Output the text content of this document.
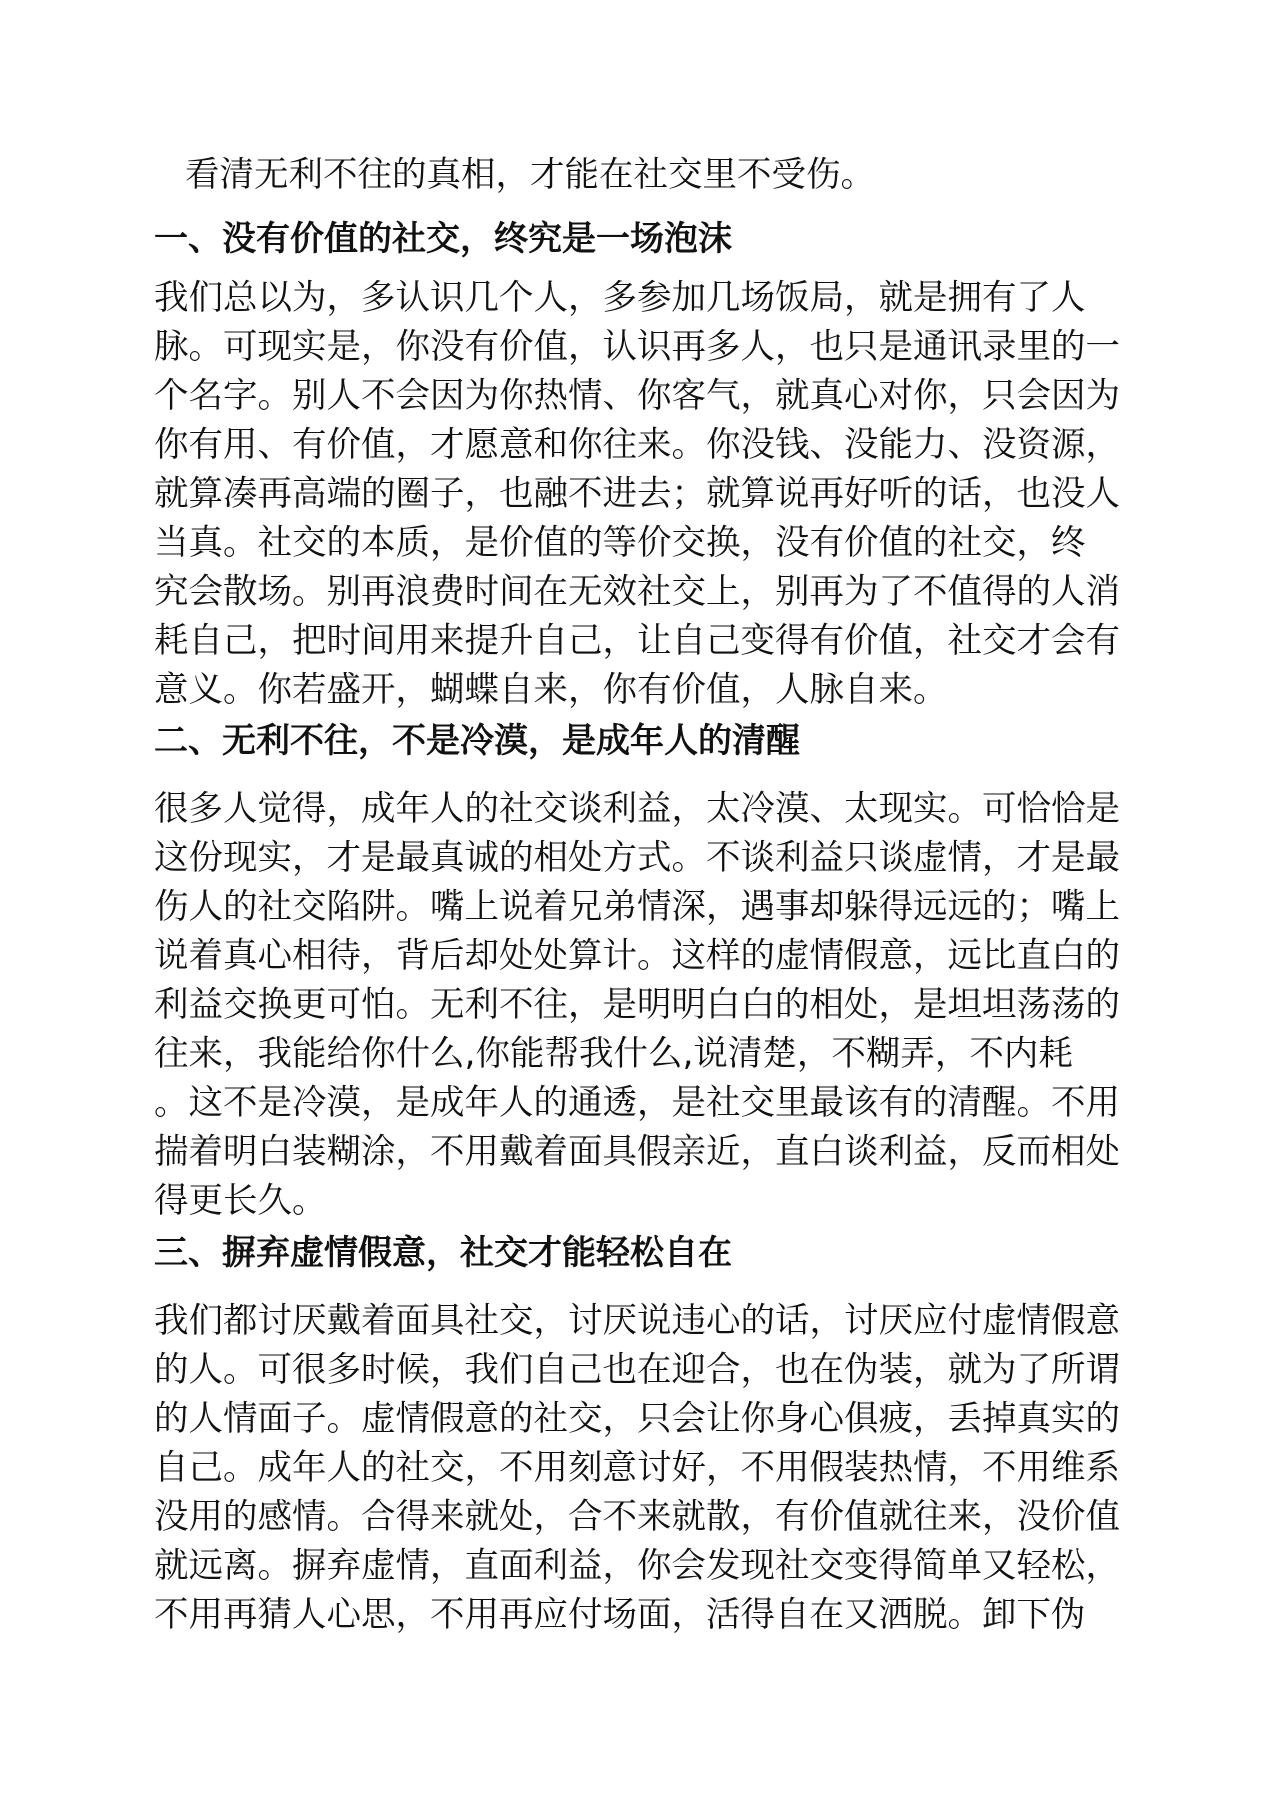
看清无利不往的真相，才能在社交里不受伤。
一、没有价值的社交，终究是一场泡沫
我们总以为，多认识几个人，多参加几场饭局，就是拥有了人
脉。可现实是，你没有价值，认识再多人，也只是通讯录里的一
个名字。别人不会因为你热情、你客气，就真心对你，只会因为
你有用、有价值，才愿意和你往来。你没钱、没能力、没资源，
就算凑再高端的圈子，也融不进去；就算说再好听的话，也没人
当真。社交的本质，是价值的等价交换，没有价值的社交，终
究会散场。别再浪费时间在无效社交上，别再为了不值得的人消
耗自己，把时间用来提升自己，让自己变得有价值，社交才会有
意义。你若盛开，蝴蝶自来，你有价值，人脉自来。
二、无利不往，不是冷漠，是成年人的清醒
很多人觉得，成年人的社交谈利益，太冷漠、太现实。可恰恰是
这份现实，才是最真诚的相处方式。不谈利益只谈虚情，才是最
伤人的社交陷阱。嘴上说着兄弟情深，遇事却躲得远远的；嘴上
说着真心相待，背后却处处算计。这样的虚情假意，远比直白的
利益交换更可怕。无利不往，是明明白白的相处，是坦坦荡荡的
往来，我能给你什么,你能帮我什么,说清楚，不糊弄，不内耗
。这不是冷漠，是成年人的通透，是社交里最该有的清醒。不用
揣着明白装糊涂，不用戴着面具假亲近，直白谈利益，反而相处
得更长久。
三、摒弃虚情假意，社交才能轻松自在
我们都讨厌戴着面具社交，讨厌说违心的话，讨厌应付虚情假意
的人。可很多时候，我们自己也在迎合，也在伪装，就为了所谓
的人情面子。虚情假意的社交，只会让你身心俱疲，丢掉真实的
自己。成年人的社交，不用刻意讨好，不用假装热情，不用维系
没用的感情。合得来就处，合不来就散，有价值就往来，没价值
就远离。摒弃虚情，直面利益，你会发现社交变得简单又轻松，
不用再猜人心思，不用再应付场面，活得自在又洒脱。卸下伪
